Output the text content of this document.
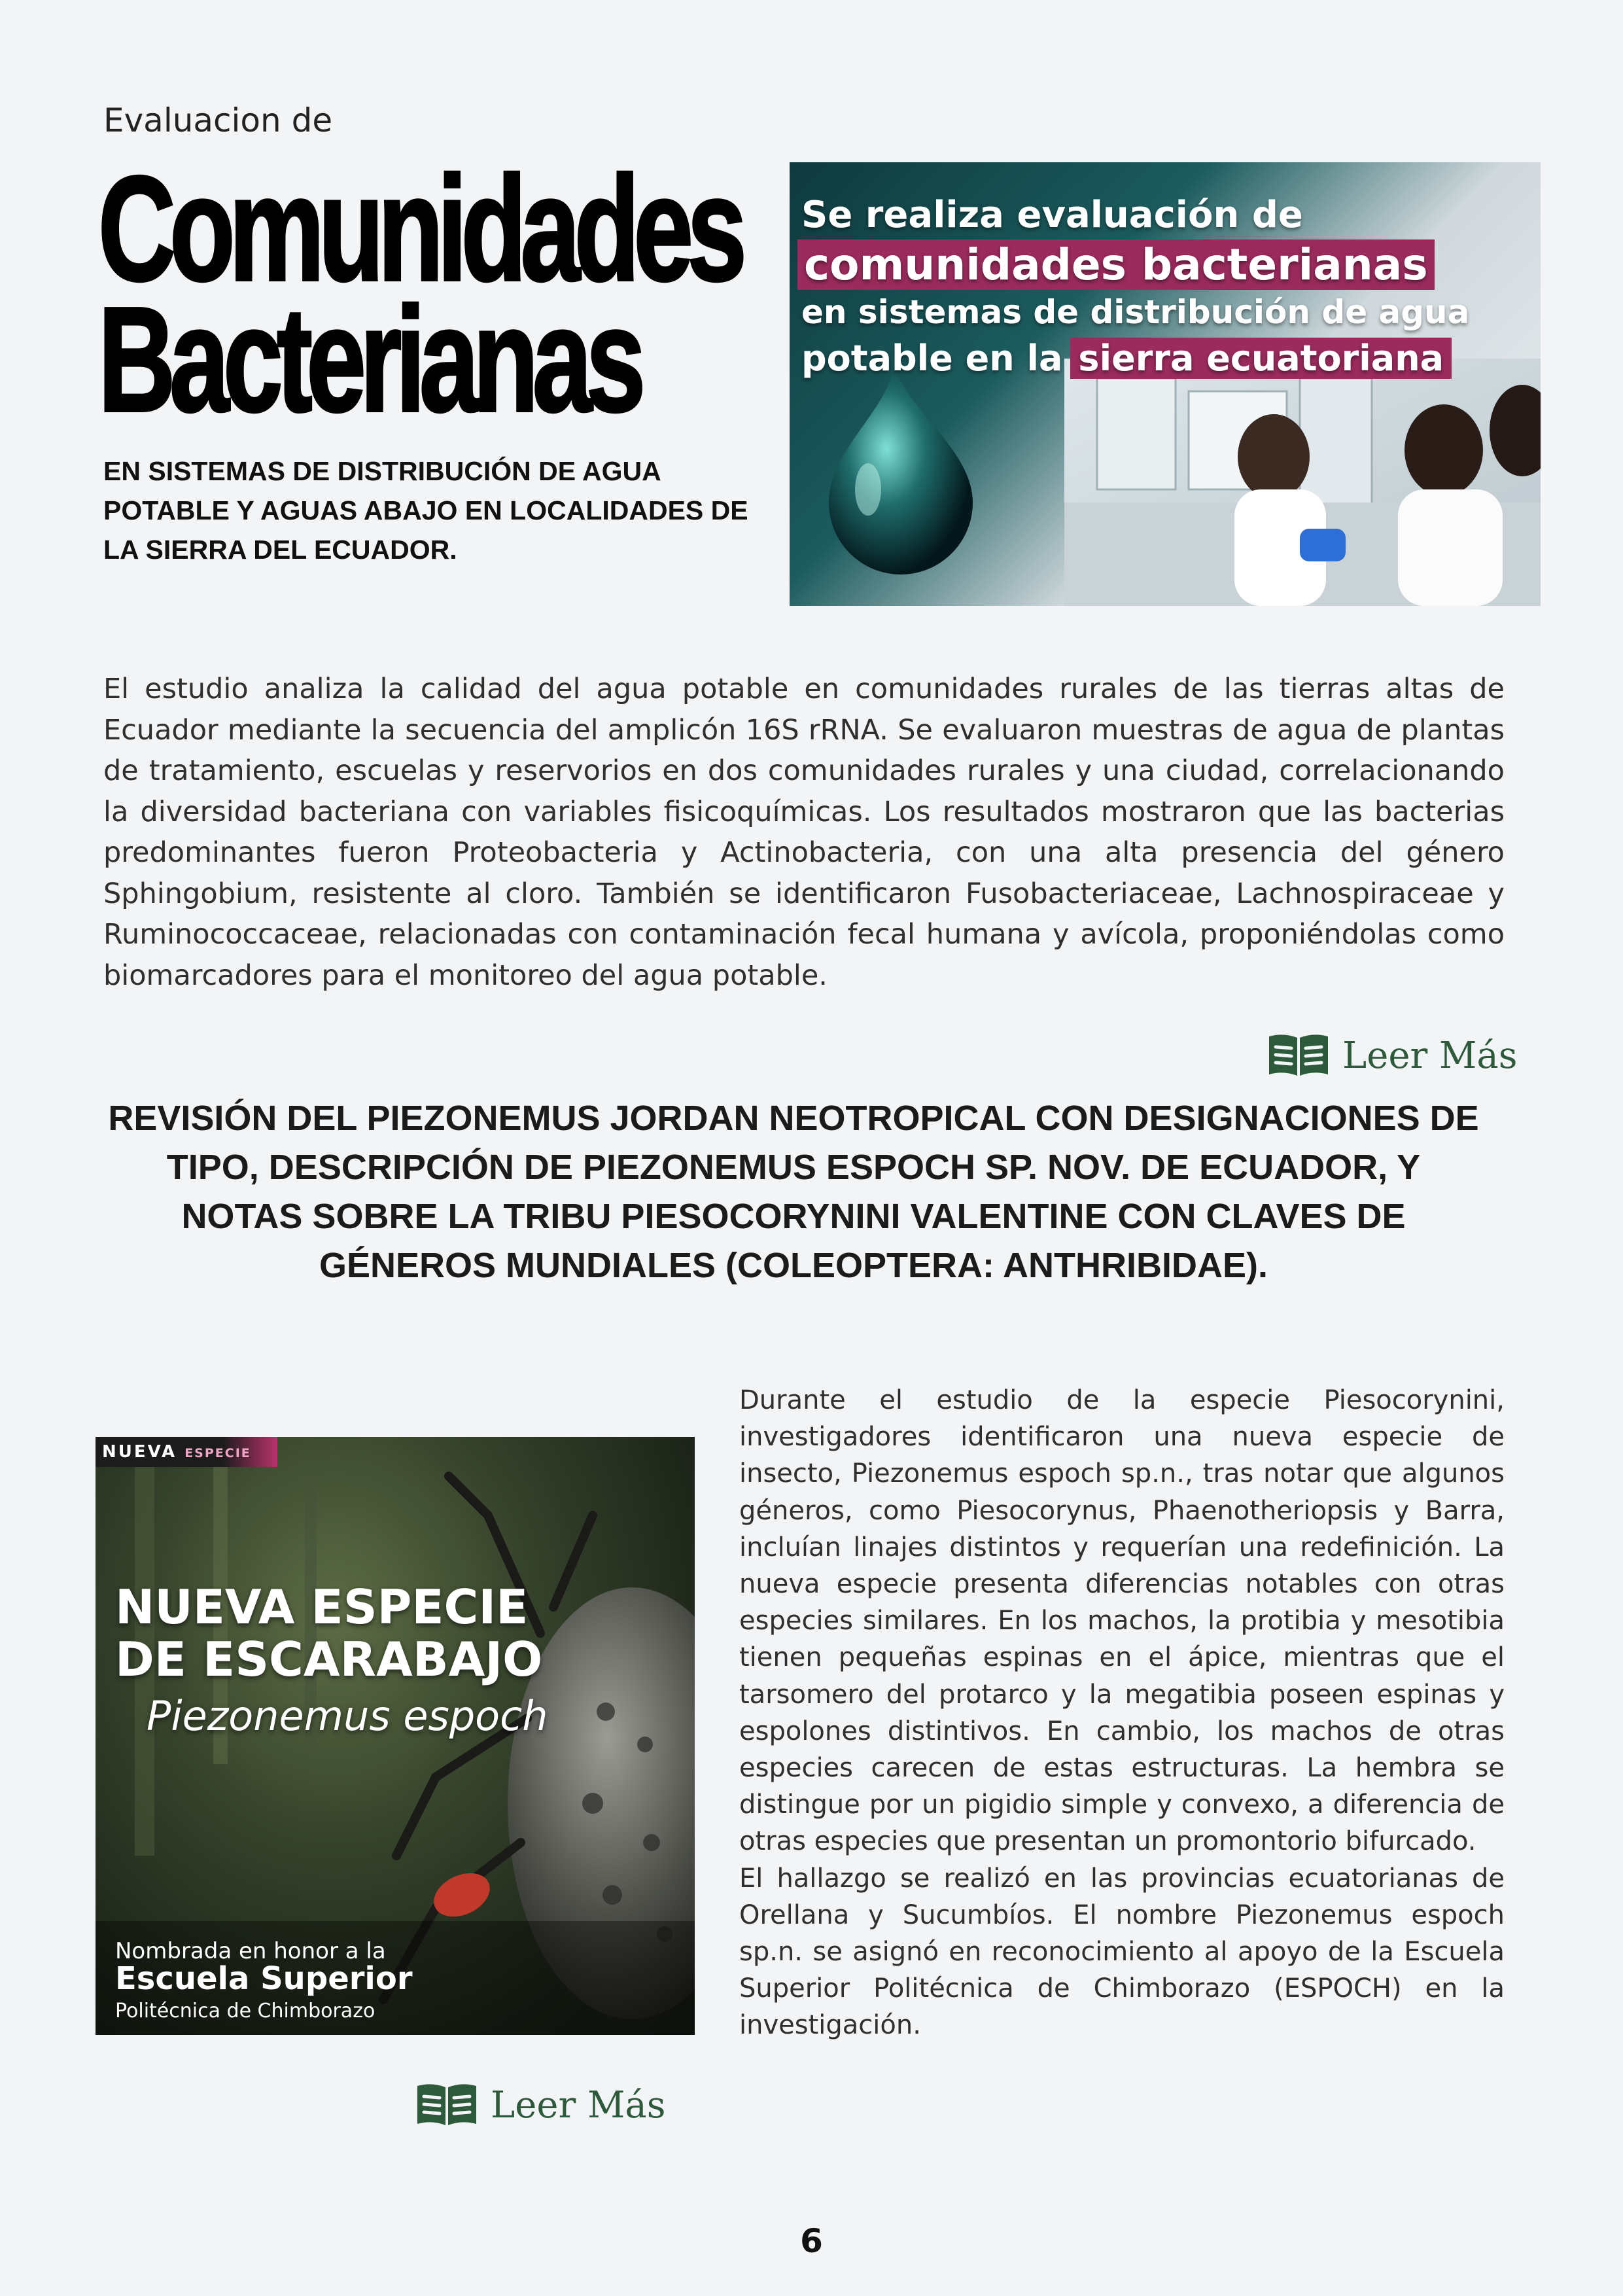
Evaluacion de
Comunidades
Bacterianas
EN SISTEMAS DE DISTRIBUCIÓN DE AGUA POTABLE Y AGUAS ABAJO EN LOCALIDADES DE LA SIERRA DEL ECUADOR.
Se realiza evaluación de
comunidades bacterianas
en sistemas de distribución de agua
potable en la sierra ecuatoriana

El estudio analiza la calidad del agua potable en comunidades rurales de las tierras altas de Ecuador mediante la secuencia del amplicón 16S rRNA. Se evaluaron muestras de agua de plantas de tratamiento, escuelas y reservorios en dos comunidades rurales y una ciudad, correlacionando la diversidad bacteriana con variables fisicoquímicas. Los resultados mostraron que las bacterias predominantes fueron Proteobacteria y Actinobacteria, con una alta presencia del género Sphingobium, resistente al cloro. También se identificaron Fusobacteriaceae, Lachnospiraceae y Ruminococcaceae, relacionadas con contaminación fecal humana y avícola, proponiéndolas como biomarcadores para el monitoreo del agua potable.

Leer Más
REVISIÓN DEL PIEZONEMUS JORDAN NEOTROPICAL CON DESIGNACIONES DE TIPO, DESCRIPCIÓN DE PIEZONEMUS ESPOCH SP. NOV. DE ECUADOR, Y NOTAS SOBRE LA TRIBU PIESOCORYNINI VALENTINE CON CLAVES DE GÉNEROS MUNDIALES (COLEOPTERA: ANTHRIBIDAE).
NUEVA ESPECIE
NUEVA ESPECIE
DE ESCARABAJO
Piezonemus espoch
Nombrada en honor a la
Escuela Superior
Politécnica de Chimborazo

Durante el estudio de la especie Piesocorynini, investigadores identificaron una nueva especie de insecto, Piezonemus espoch sp.n., tras notar que algunos géneros, como Piesocorynus, Phaenotheriopsis y Barra, incluían linajes distintos y requerían una redefinición. La nueva especie presenta diferencias notables con otras especies similares. En los machos, la protibia y mesotibia tienen pequeñas espinas en el ápice, mientras que el tarsomero del protarco y la megatibia poseen espinas y espolones distintivos. En cambio, los machos de otras especies carecen de estas estructuras. La hembra se distingue por un pigidio simple y convexo, a diferencia de otras especies que presentan un promontorio bifurcado.

El hallazgo se realizó en las provincias ecuatorianas de Orellana y Sucumbíos. El nombre Piezonemus espoch sp.n. se asignó en reconocimiento al apoyo de la Escuela Superior Politécnica de Chimborazo (ESPOCH) en la investigación.

Leer Más
6
